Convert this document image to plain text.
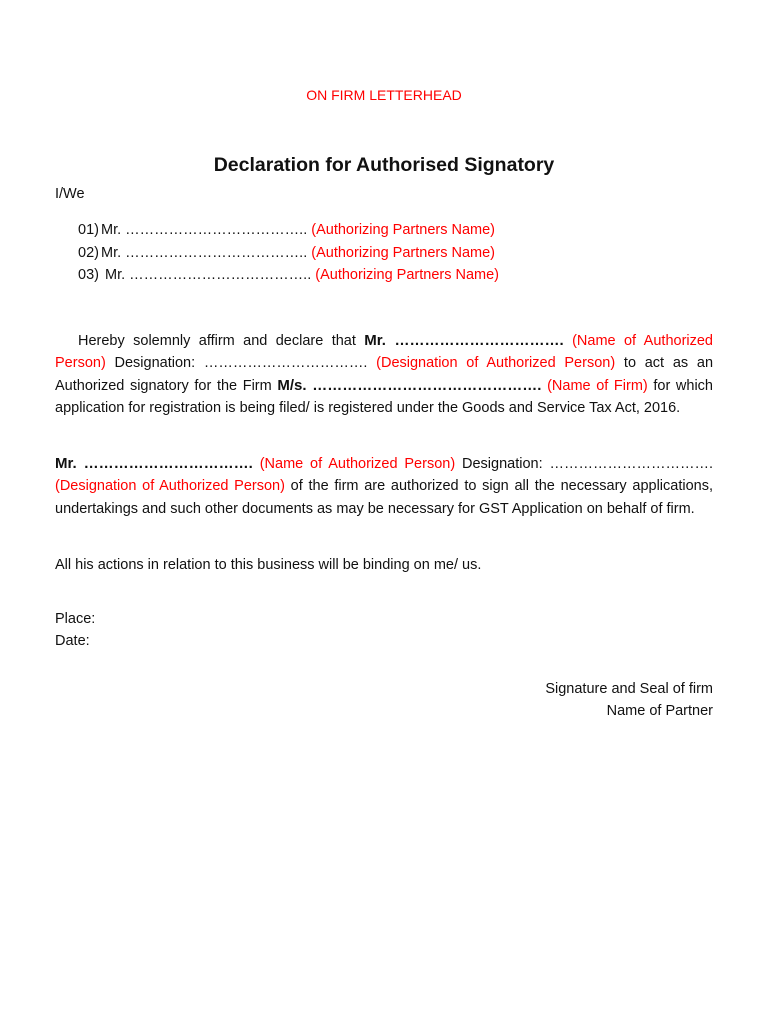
ON FIRM LETTERHEAD
Declaration for Authorised Signatory
I/We
01) Mr. ……………………………….. (Authorizing Partners Name)
02) Mr. ……………………………….. (Authorizing Partners Name)
03) Mr. ……………………………….. (Authorizing Partners Name)
Hereby solemnly affirm and declare that Mr. ……………………………. (Name of Authorized Person) Designation: ……………………………. (Designation of Authorized Person) to act as an Authorized signatory for the Firm M/s. ………………………………………. (Name of Firm) for which application for registration is being filed/ is registered under the Goods and Service Tax Act, 2016.
Mr. ……………………………. (Name of Authorized Person) Designation: ……………………………. (Designation of Authorized Person) of the firm are authorized to sign all the necessary applications, undertakings and such other documents as may be necessary for GST Application on behalf of firm.
All his actions in relation to this business will be binding on me/ us.
Place:
Date:
Signature and Seal of firm
Name of Partner
